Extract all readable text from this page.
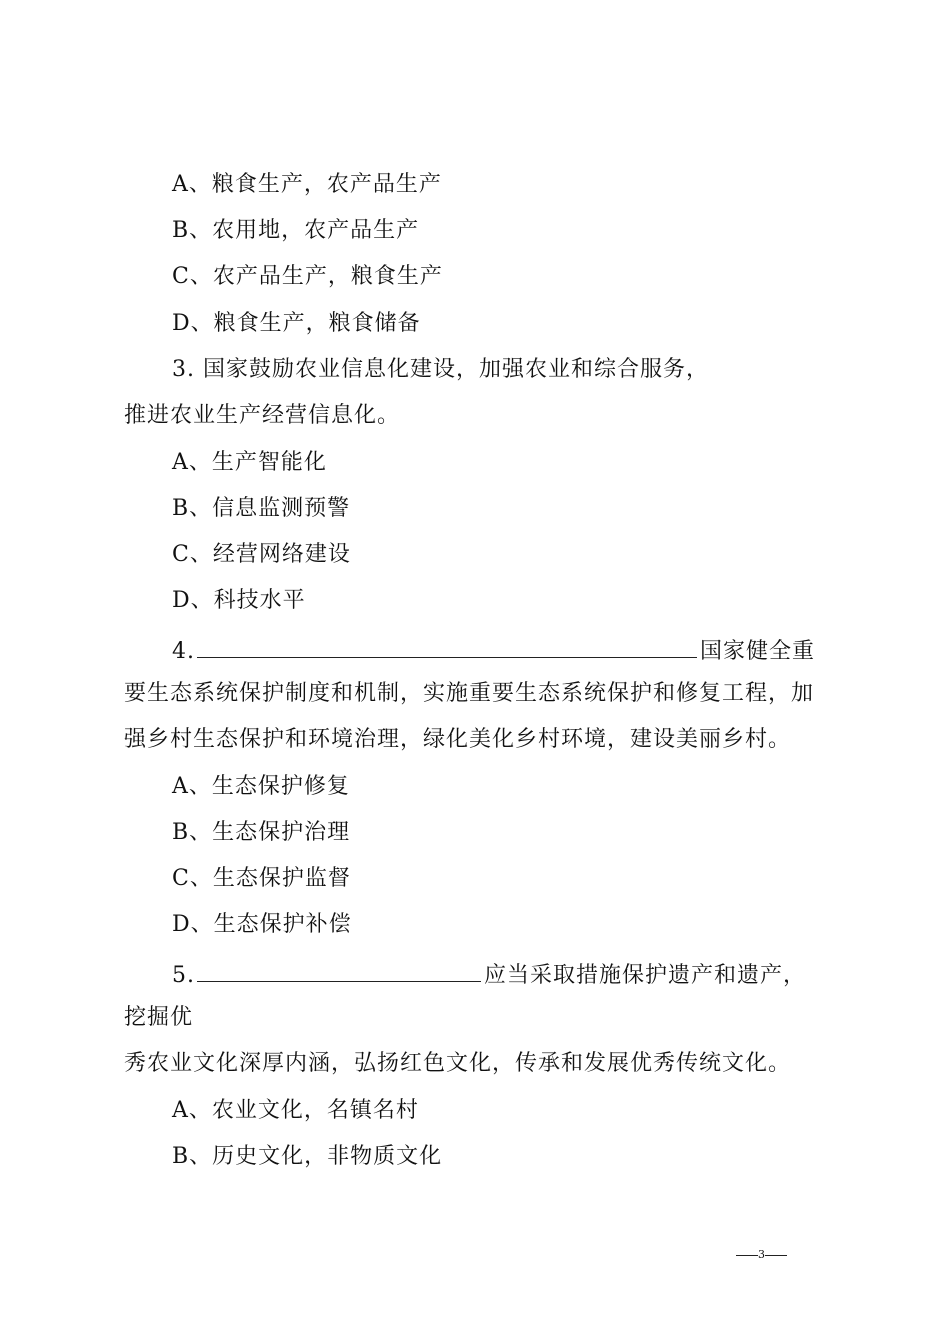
A、粮食生产，农产品生产
B、农用地，农产品生产
C、农产品生产，粮食生产
D、粮食生产，粮食储备
3. 国家鼓励农业信息化建设，加强农业和综合服务，
推进农业生产经营信息化。
A、生产智能化
B、信息监测预警
C、经营网络建设
D、科技水平
4.	国家健全重
要生态系统保护制度和机制，实施重要生态系统保护和修复工程，加
强乡村生态保护和环境治理，绿化美化乡村环境，建设美丽乡村。
A、生态保护修复
B、生态保护治理
C、生态保护监督
D、生态保护补偿
5.	应当采取措施保护遗产和遗产，
挖掘优
秀农业文化深厚内涵，弘扬红色文化，传承和发展优秀传统文化。
A、农业文化，名镇名村
B、历史文化，非物质文化
3
